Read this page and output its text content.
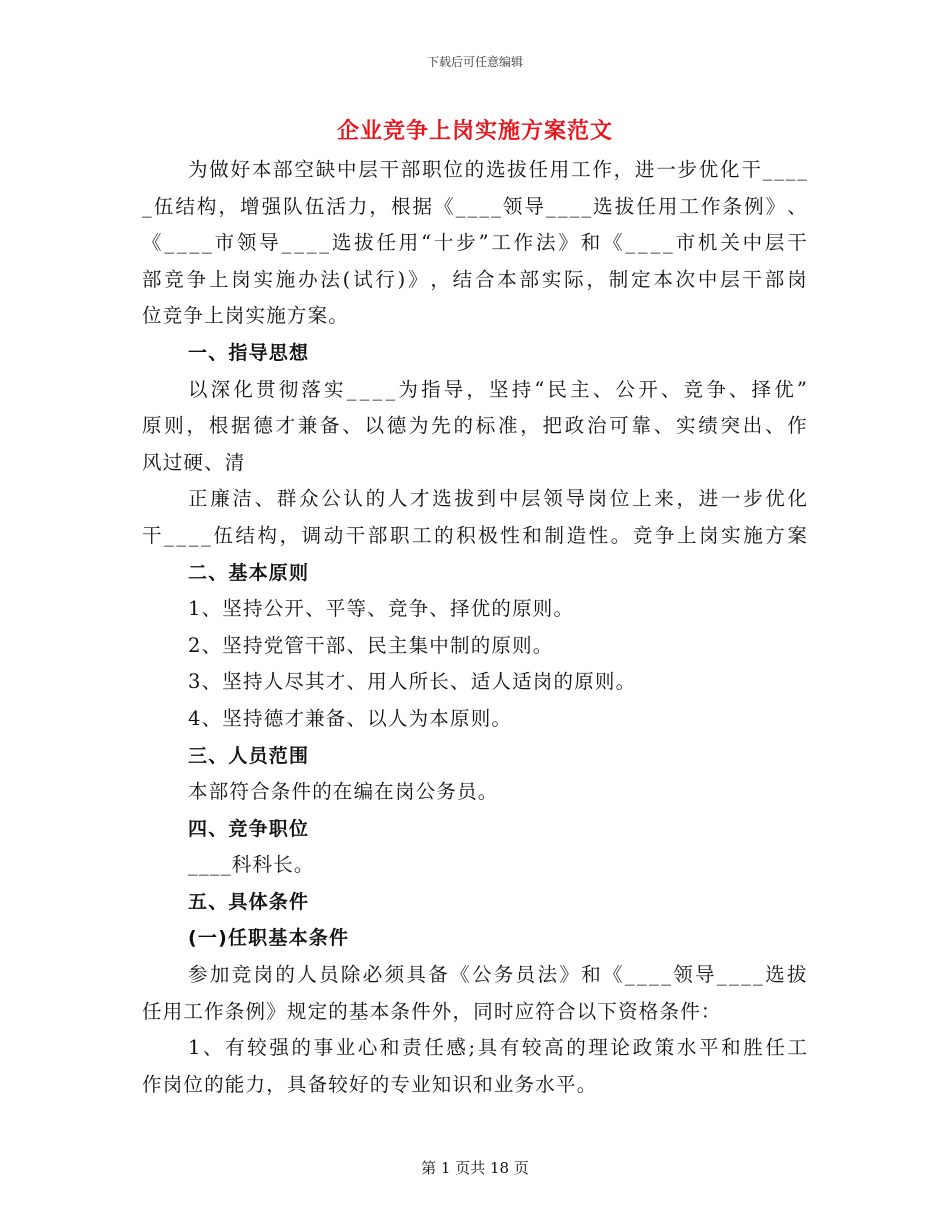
下载后可任意编辑
企业竞争上岗实施方案范文
为 做 好 本 部 空 缺 中 层 干 部 职 位 的 选 拔 任 用 工 作 ， 进 一 步 优 化 干 _ _ _ _
_ 伍 结 构 ， 增 强 队 伍 活 力 ， 根 据 《 _ _ _ _ 领 导 _ _ _ _ 选 拔 任 用 工 作 条 例 》 、
《 _ _ _ _ 市 领 导 _ _ _ _ 选 拔 任 用 “ 十 步 ” 工 作 法 》 和 《 _ _ _ _ 市 机 关 中 层 干
部 竞 争 上 岗 实 施 办 法 ( 试 行 ) 》 ， 结 合 本 部 实 际 ， 制 定 本 次 中 层 干 部 岗
位竞争上岗实施方案。
一、指导思想
以 深 化 贯 彻 落 实 _ _ _ _ 为 指 导 ， 坚 持 “ 民 主 、 公 开 、 竞 争 、 择 优 ”
原 则 ， 根 据 德 才 兼 备 、 以 德 为 先 的 标 准 ， 把 政 治 可 靠 、 实 绩 突 出 、 作
风过硬、清
正 廉 洁 、 群 众 公 认 的 人 才 选 拔 到 中 层 领 导 岗 位 上 来 ， 进 一 步 优 化
干 _ _ _ _ 伍 结 构 ， 调 动 干 部 职 工 的 积 极 性 和 制 造 性 。 竞 争 上 岗 实 施 方 案
二、基本原则
1、坚持公开、平等、竞争、择优的原则。
2、坚持党管干部、民主集中制的原则。
3、坚持人尽其才、用人所长、适人适岗的原则。
4、坚持德才兼备、以人为本原则。
三、人员范围
本部符合条件的在编在岗公务员。
四、竞争职位
____科科长。
五、具体条件
(一)任职基本条件
参 加 竞 岗 的 人 员 除 必 须 具 备 《 公 务 员 法 》 和 《 _ _ _ _ 领 导 _ _ _ _ 选 拔
任用工作条例》规定的基本条件外，同时应符合以下资格条件：
1 、 有 较 强 的 事 业 心 和 责 任 感 ; 具 有 较 高 的 理 论 政 策 水 平 和 胜 任 工
作岗位的能力，具备较好的专业知识和业务水平。
第 1 页共 18 页
